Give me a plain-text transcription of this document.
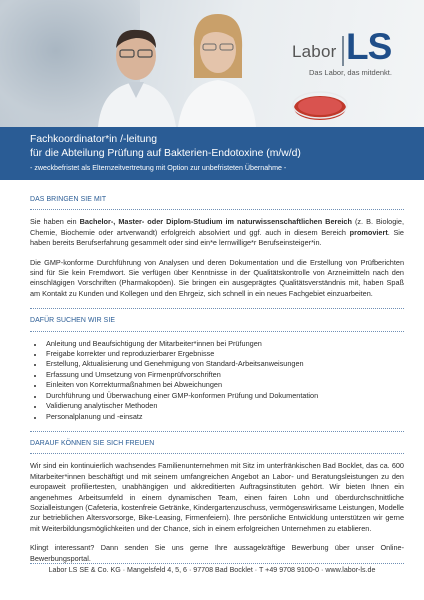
Labor LS
Das Labor, das mitdenkt.
Fachkoordinator*in /-leitung
für die Abteilung Prüfung auf Bakterien-Endotoxine (m/w/d)
- zweckbefristet als Elternzeitvertretung mit Option zur unbefristeten Übernahme -
DAS BRINGEN SIE MIT

Sie haben ein Bachelor-, Master- oder Diplom-Studium im naturwissenschaftlichen Bereich (z. B. Biologie, Chemie, Biochemie oder artverwandt) erfolgreich absolviert und ggf. auch in diesem Bereich promoviert. Sie haben bereits Berufserfahrung gesammelt oder sind ein*e lernwillige*r Berufseinsteiger*in.

Die GMP-konforme Durchführung von Analysen und deren Dokumentation und die Erstellung von Prüfberichten sind für Sie kein Fremdwort. Sie verfügen über Kenntnisse in der Qualitätskontrolle von Arzneimitteln nach den einschlägigen Vorschriften (Pharmakopöen). Sie bringen ein ausgeprägtes Qualitätsverständnis mit, haben Spaß am Kontakt zu Kunden und Kollegen und den Ehrgeiz, sich schnell in ein neues Fachgebiet einzuarbeiten.

DAFÜR SUCHEN WIR SIE
• Anleitung und Beaufsichtigung der Mitarbeiter*innen bei Prüfungen
• Freigabe korrekter und reproduzierbarer Ergebnisse
• Erstellung, Aktualisierung und Genehmigung von Standard-Arbeitsanweisungen
• Erfassung und Umsetzung von Firmenprüfvorschriften
• Einleiten von Korrekturmaßnahmen bei Abweichungen
• Durchführung und Überwachung einer GMP-konformen Prüfung und Dokumentation
• Validierung analytischer Methoden
• Personalplanung und -einsatz
DARAUF KÖNNEN SIE SICH FREUEN

Wir sind ein kontinuierlich wachsendes Familienunternehmen mit Sitz im unterfränkischen Bad Bocklet, das ca. 600 Mitarbeiter*innen beschäftigt und mit seinem umfangreichen Angebot an Labor- und Beratungsleistungen zu den europaweit profiliertesten, unabhängigen und akkreditierten Auftragsinstituten gehört. Wir bieten Ihnen ein angenehmes Arbeitsumfeld in einem dynamischen Team, einen fairen Lohn und überdurchschnittliche Sozialleistungen (Cafeteria, kostenfreie Getränke, Kindergartenzuschuss, vermögenswirksame Leistungen, Modelle zur betrieblichen Altersvorsorge, Bike-Leasing, Firmenfeiern). Ihre persönliche Entwicklung unterstützen wir gerne mit Weiterbildungsmöglichkeiten und der Chance, sich in einem erfolgreichen Unternehmen zu etablieren.

Klingt interessant? Dann senden Sie uns gerne Ihre aussagekräftige Bewerbung über unser Online-Bewerbungsportal.

Labor LS SE & Co. KG · Mangelsfeld 4, 5, 6 · 97708 Bad Bocklet · T +49 9708 9100-0 · www.labor-ls.de
